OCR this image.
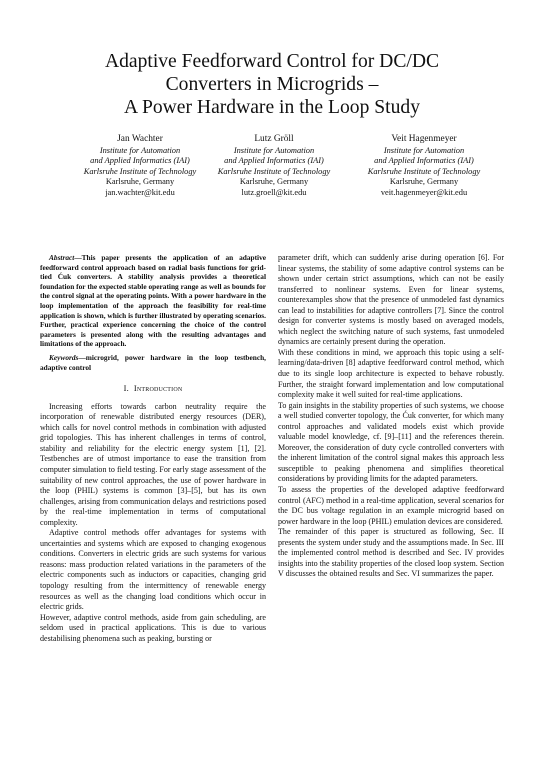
Adaptive Feedforward Control for DC/DC
Converters in Microgrids –
A Power Hardware in the Loop Study
Jan Wachter
Institute for Automation
and Applied Informatics (IAI)
Karlsruhe Institute of Technology
Karlsruhe, Germany
jan.wachter@kit.edu
Lutz Gröll
Institute for Automation
and Applied Informatics (IAI)
Karlsruhe Institute of Technology
Karlsruhe, Germany
lutz.groell@kit.edu
Veit Hagenmeyer
Institute for Automation
and Applied Informatics (IAI)
Karlsruhe Institute of Technology
Karlsruhe, Germany
veit.hagenmeyer@kit.edu

Abstract—This paper presents the application of an adaptive feedforward control approach based on radial basis functions for grid-tied Ćuk converters. A stability analysis provides a theoretical foundation for the expected stable operating range as well as bounds for the control signal at the operating points. With a power hardware in the loop implementation of the approach the feasibility for real-time application is shown, which is further illustrated by operating scenarios. Further, practical experience concerning the choice of the control parameters is presented along with the resulting advantages and limitations of the approach.

Keywords—microgrid, power hardware in the loop testbench, adaptive control

I. Introduction

Increasing efforts towards carbon neutrality require the incorporation of renewable distributed energy resources (DER), which calls for novel control methods in combination with adjusted grid topologies. This has inherent challenges in terms of control, stability and reliability for the electric energy system [1], [2]. Testbenches are of utmost importance to ease the transition from computer simulation to field testing. For early stage assessment of the suitability of new control approaches, the use of power hardware in the loop (PHIL) systems is common [3]–[5], but has its own challenges, arising from communication delays and restrictions posed by the real-time implementation in terms of computational complexity.

Adaptive control methods offer advantages for systems with uncertainties and systems which are exposed to changing exogenous conditions. Converters in electric grids are such systems for various reasons: mass production related variations in the parameters of the electric components such as inductors or capacities, changing grid topology resulting from the intermittency of renewable energy resources as well as the changing load conditions which occur in electric grids.

However, adaptive control methods, aside from gain scheduling, are seldom used in practical applications. This is due to various destabilising phenomena such as peaking, bursting or

parameter drift, which can suddenly arise during operation [6]. For linear systems, the stability of some adaptive control systems can be shown under certain strict assumptions, which can not be easily transferred to nonlinear systems. Even for linear systems, counterexamples show that the presence of unmodeled fast dynamics can lead to instabilities for adaptive controllers [7]. Since the control design for converter systems is mostly based on averaged models, which neglect the switching nature of such systems, fast unmodeled dynamics are certainly present during the operation.

With these conditions in mind, we approach this topic using a self-learning/data-driven [8] adaptive feedforward control method, which due to its single loop architecture is expected to behave robustly. Further, the straight forward implementation and low computational complexity make it well suited for real-time applications.

To gain insights in the stability properties of such systems, we choose a well studied converter topology, the Ćuk converter, for which many control approaches and validated models exist which provide valuable model knowledge, cf. [9]–[11] and the references therein. Moreover, the consideration of duty cycle controlled converters with the inherent limitation of the control signal makes this approach less susceptible to peaking phenomena and simplifies theoretical considerations by providing limits for the adapted parameters.

To assess the properties of the developed adaptive feedforward control (AFC) method in a real-time application, several scenarios for the DC bus voltage regulation in an example microgrid based on power hardware in the loop (PHIL) emulation devices are considered.

The remainder of this paper is structured as following, Sec. II presents the system under study and the assumptions made. In Sec. III the implemented control method is described and Sec. IV provides insights into the stability properties of the closed loop system. Section V discusses the obtained results and Sec. VI summarizes the paper.
